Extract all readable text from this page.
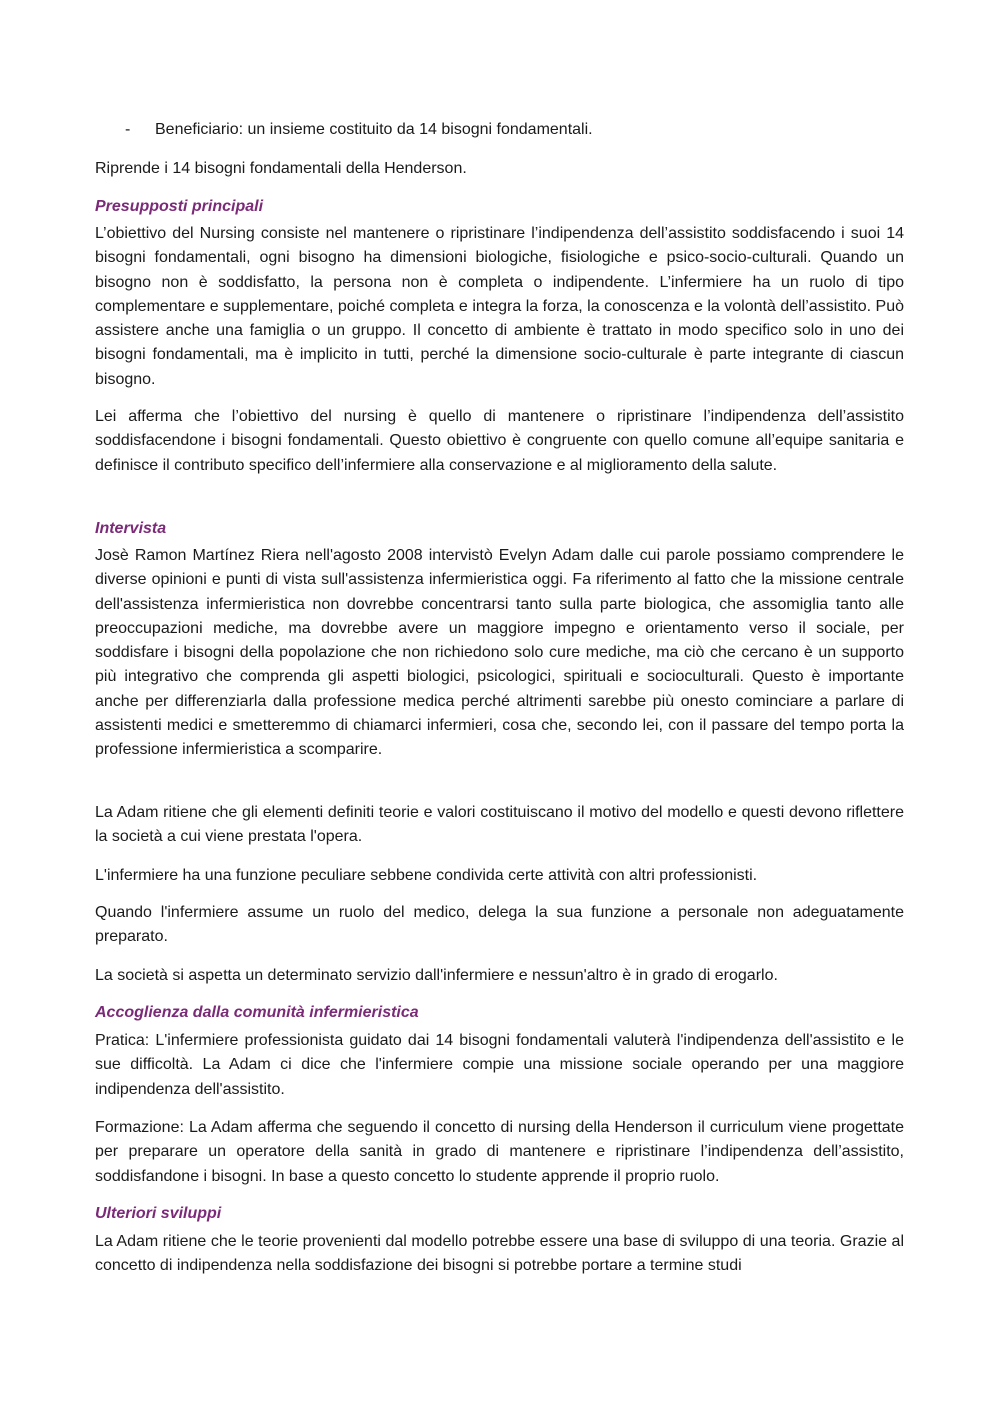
- Beneficiario: un insieme costituito da 14 bisogni fondamentali.

Riprende i 14 bisogni fondamentali della Henderson.

Presupposti principali

L’obiettivo del Nursing consiste nel mantenere o ripristinare l’indipendenza dell’assistito soddisfacendo i suoi 14 bisogni fondamentali, ogni bisogno ha dimensioni biologiche, fisiologiche e psico-socio-culturali. Quando un bisogno non è soddisfatto, la persona non è completa o indipendente. L’infermiere ha un ruolo di tipo complementare e supplementare, poiché completa e integra la forza, la conoscenza e la volontà dell’assistito. Può assistere anche una famiglia o un gruppo. Il concetto di ambiente è trattato in modo specifico solo in uno dei bisogni fondamentali, ma è implicito in tutti, perché la dimensione socio-culturale è parte integrante di ciascun bisogno.

Lei afferma che l’obiettivo del nursing è quello di mantenere o ripristinare l’indipendenza dell’assistito soddisfacendone i bisogni fondamentali. Questo obiettivo è congruente con quello comune all’equipe sanitaria e definisce il contributo specifico dell’infermiere alla conservazione e al miglioramento della salute.

Intervista

Josè Ramon Martínez Riera nell'agosto 2008 intervistò Evelyn Adam dalle cui parole possiamo comprendere le diverse opinioni e punti di vista sull'assistenza infermieristica oggi. Fa riferimento al fatto che la missione centrale dell'assistenza infermieristica non dovrebbe concentrarsi tanto sulla parte biologica, che assomiglia tanto alle preoccupazioni mediche, ma dovrebbe avere un maggiore impegno e orientamento verso il sociale, per soddisfare i bisogni della popolazione che non richiedono solo cure mediche, ma ciò che cercano è un supporto più integrativo che comprenda gli aspetti biologici, psicologici, spirituali e socioculturali. Questo è importante anche per differenziarla dalla professione medica perché altrimenti sarebbe più onesto cominciare a parlare di assistenti medici e smetteremmo di chiamarci infermieri, cosa che, secondo lei, con il passare del tempo porta la professione infermieristica a scomparire.

La Adam ritiene che gli elementi definiti teorie e valori costituiscano il motivo del modello e questi devono riflettere la società a cui viene prestata l'opera.

L'infermiere ha una funzione peculiare sebbene condivida certe attività con altri professionisti.

Quando l'infermiere assume un ruolo del medico, delega la sua funzione a personale non adeguatamente preparato.

La società si aspetta un determinato servizio dall'infermiere e nessun'altro è in grado di erogarlo.

Accoglienza dalla comunità infermieristica

Pratica: L'infermiere professionista guidato dai 14 bisogni fondamentali valuterà l'indipendenza dell'assistito e le sue difficoltà. La Adam ci dice che l'infermiere compie una missione sociale operando per una maggiore indipendenza dell'assistito.

Formazione: La Adam afferma che seguendo il concetto di nursing della Henderson il curriculum viene progettate per preparare un operatore della sanità in grado di mantenere e ripristinare l’indipendenza dell’assistito, soddisfandone i bisogni. In base a questo concetto lo studente apprende il proprio ruolo.

Ulteriori sviluppi

La Adam ritiene che le teorie provenienti dal modello potrebbe essere una base di sviluppo di una teoria. Grazie al concetto di indipendenza nella soddisfazione dei bisogni si potrebbe portare a termine studi
